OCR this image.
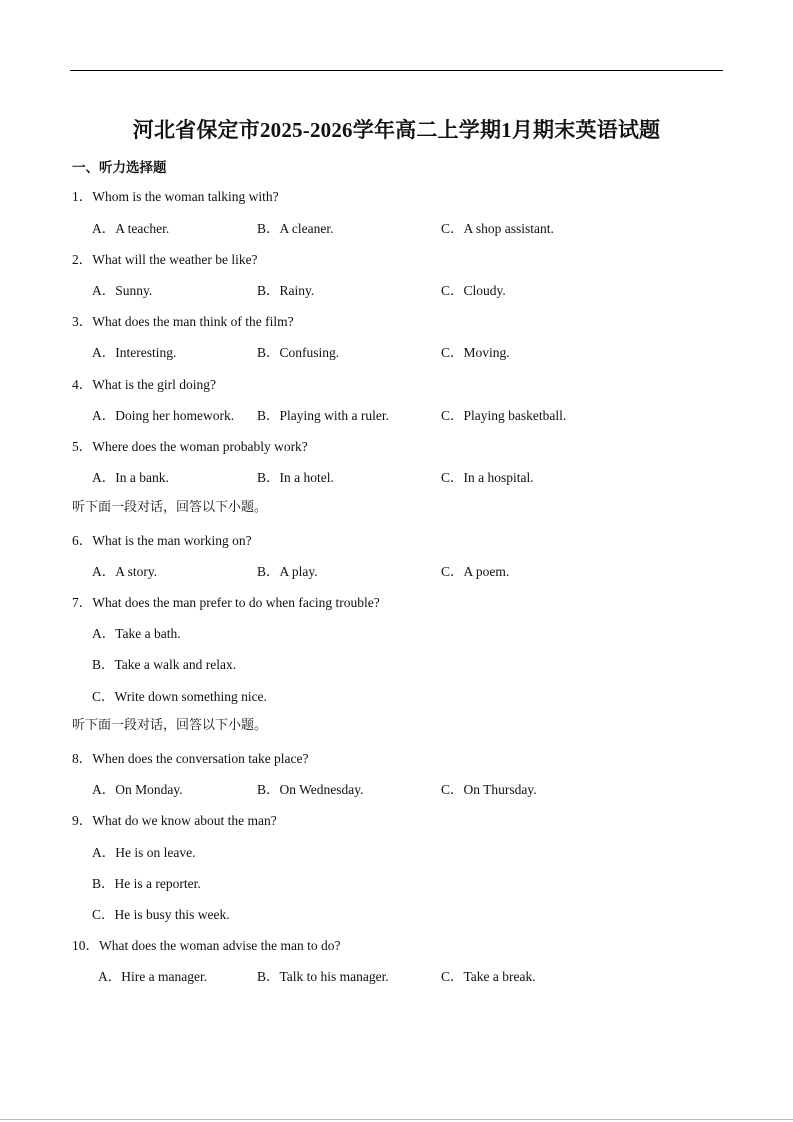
河北省保定市2025-2026学年高二上学期1月期末英语试题
一、听力选择题
1．Whom is the woman talking with?
A．A teacher.	B．A cleaner.	C．A shop assistant.
2．What will the weather be like?
A．Sunny.	B．Rainy.	C．Cloudy.
3．What does the man think of the film?
A．Interesting.	B．Confusing.	C．Moving.
4．What is the girl doing?
A．Doing her homework. B．Playing with a ruler.	C．Playing basketball.
5．Where does the woman probably work?
A．In a bank.	B．In a hotel.	C．In a hospital.
听下面一段对话，回答以下小题。
6．What is the man working on?
A．A story.	B．A play.	C．A poem.
7．What does the man prefer to do when facing trouble?
A．Take a bath.
B．Take a walk and relax.
C．Write down something nice.
听下面一段对话，回答以下小题。
8．When does the conversation take place?
A．On Monday.	B．On Wednesday.	C．On Thursday.
9．What do we know about the man?
A．He is on leave.
B．He is a reporter.
C．He is busy this week.
10．What does the woman advise the man to do?
A．Hire a manager.	B．Talk to his manager.	C．Take a break.
